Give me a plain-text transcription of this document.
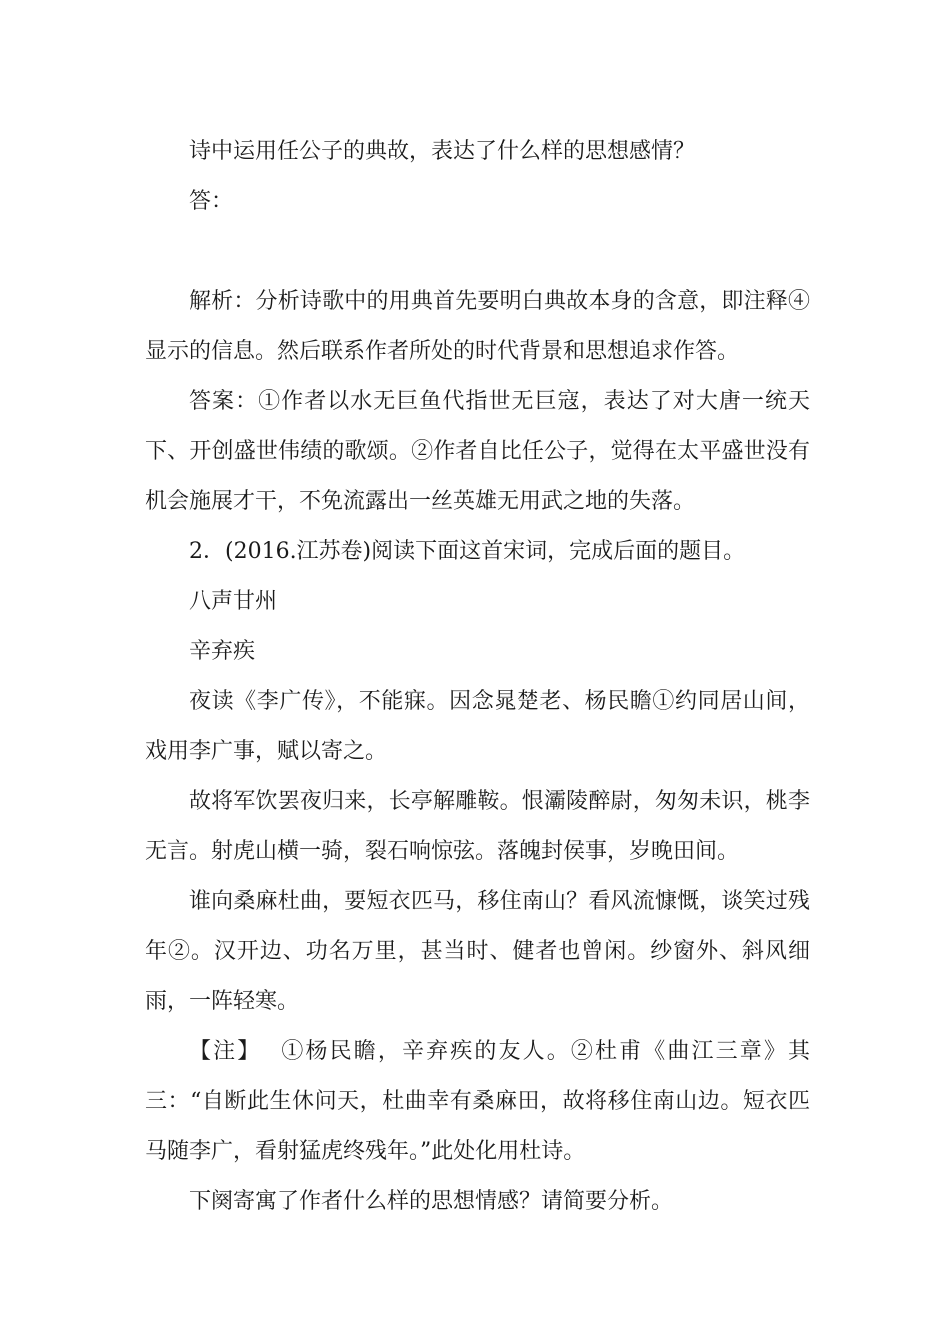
诗中运用任公子的典故，表达了什么样的思想感情？

答：

解析：分析诗歌中的用典首先要明白典故本身的含意，即注释④显示的信息。然后联系作者所处的时代背景和思想追求作答。

答案：①作者以水无巨鱼代指世无巨寇，表达了对大唐一统天下、开创盛世伟绩的歌颂。②作者自比任公子，觉得在太平盛世没有机会施展才干，不免流露出一丝英雄无用武之地的失落。

2．(2016.江苏卷)阅读下面这首宋词，完成后面的题目。

八声甘州

辛弃疾

夜读《李广传》，不能寐。因念晁楚老、杨民瞻①约同居山间，戏用李广事，赋以寄之。

故将军饮罢夜归来，长亭解雕鞍。恨灞陵醉尉，匆匆未识，桃李无言。射虎山横一骑，裂石响惊弦。落魄封侯事，岁晚田间。

谁向桑麻杜曲，要短衣匹马，移住南山？看风流慷慨，谈笑过残年②。汉开边、功名万里，甚当时、健者也曾闲。纱窗外、斜风细雨，一阵轻寒。

【注】 ①杨民瞻，辛弃疾的友人。②杜甫《曲江三章》其三：“自断此生休问天，杜曲幸有桑麻田，故将移住南山边。短衣匹马随李广，看射猛虎终残年。”此处化用杜诗。

下阕寄寓了作者什么样的思想情感？请简要分析。
